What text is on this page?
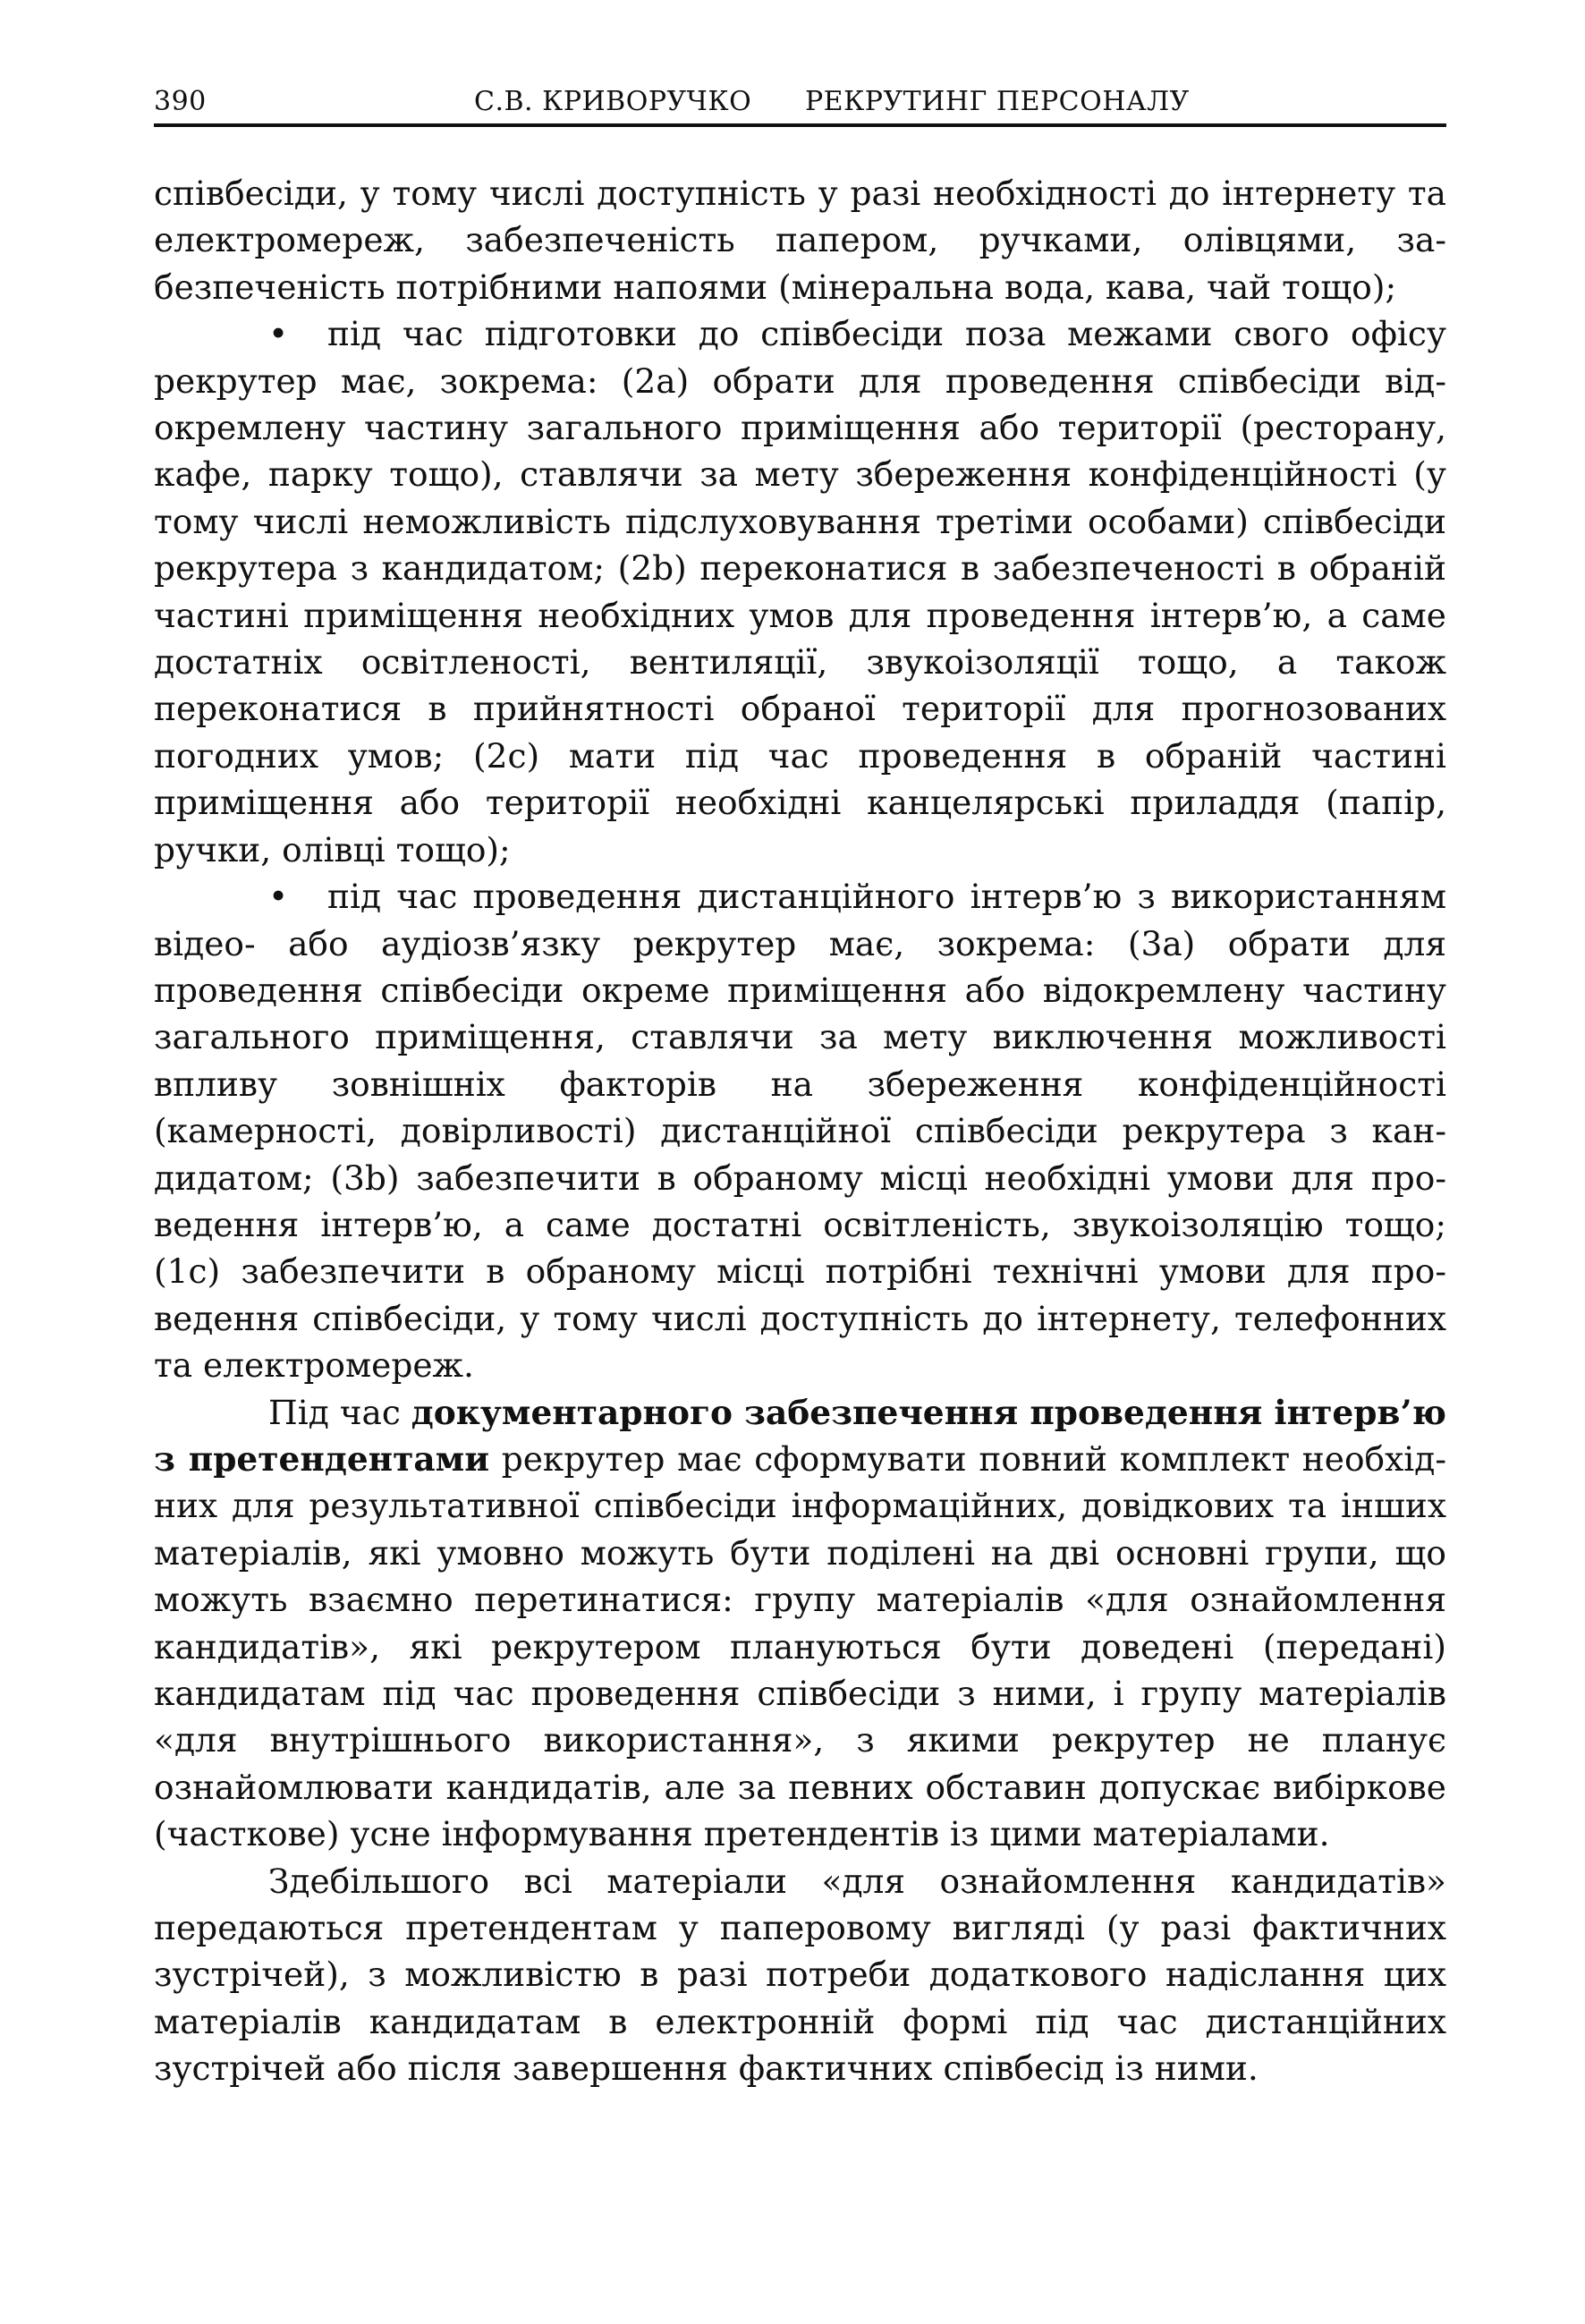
390	С.В. КРИВОРУЧКО РЕКРУТИНГ ПЕРСОНАЛУ

співбесіди, у тому числі доступність у разі необхідності до інтернету та електромереж, забезпеченість папером, ручками, олівцями, забезпеченість потрібними напоями (мінеральна вода, кава, чай тощо);

• під час підготовки до співбесіди поза межами свого офісу рекрутер має, зокрема: (2a) обрати для проведення співбесіди відокремлену частину загального приміщення або території (ресторану, кафе, парку тощо), ставлячи за мету збереження конфіденційності (у тому числі неможливість підслуховування третіми особами) співбесіди рекрутера з кандидатом; (2b) переконатися в забезпеченості в обраній частині приміщення необхідних умов для проведення інтерв’ю, а саме достатніх освітленості, вентиляції, звукоізоляції тощо, а також переконатися в прийнятності обраної території для прогнозованих погодних умов; (2c) мати під час проведення в обраній частині приміщення або території необхідні канцелярські приладдя (папір, ручки, олівці тощо);

• під час проведення дистанційного інтерв’ю з використанням відео- або аудіозв’язку рекрутер має, зокрема: (3a) обрати для проведення співбесіди окреме приміщення або відокремлену частину загального приміщення, ставлячи за мету виключення можливості впливу зовнішніх факторів на збереження конфіденційності (камерності, довірливості) дистанційної співбесіди рекрутера з кандидатом; (3b) забезпечити в обраному місці необхідні умови для проведення інтерв’ю, а саме достатні освітленість, звукоізоляцію тощо; (1c) забезпечити в обраному місці потрібні технічні умови для проведення співбесіди, у тому числі доступність до інтернету, телефонних та електромереж.

Під час документарного забезпечення проведення інтерв’ю з претендентами рекрутер має сформувати повний комплект необхідних для результативної співбесіди інформаційних, довідкових та інших матеріалів, які умовно можуть бути поділені на дві основні групи, що можуть взаємно перетинатися: групу матеріалів «для ознайомлення кандидатів», які рекрутером плануються бути доведені (передані) кандидатам під час проведення співбесіди з ними, і групу матеріалів «для внутрішнього використання», з якими рекрутер не планує ознайомлювати кандидатів, але за певних обставин допускає вибіркове (часткове) усне інформування претендентів із цими матеріалами.

Здебільшого всі матеріали «для ознайомлення кандидатів» передаються претендентам у паперовому вигляді (у разі фактичних зустрічей), з можливістю в разі потреби додаткового надіслання цих матеріалів кандидатам в електронній формі під час дистанційних зустрічей або після завершення фактичних співбесід із ними.
